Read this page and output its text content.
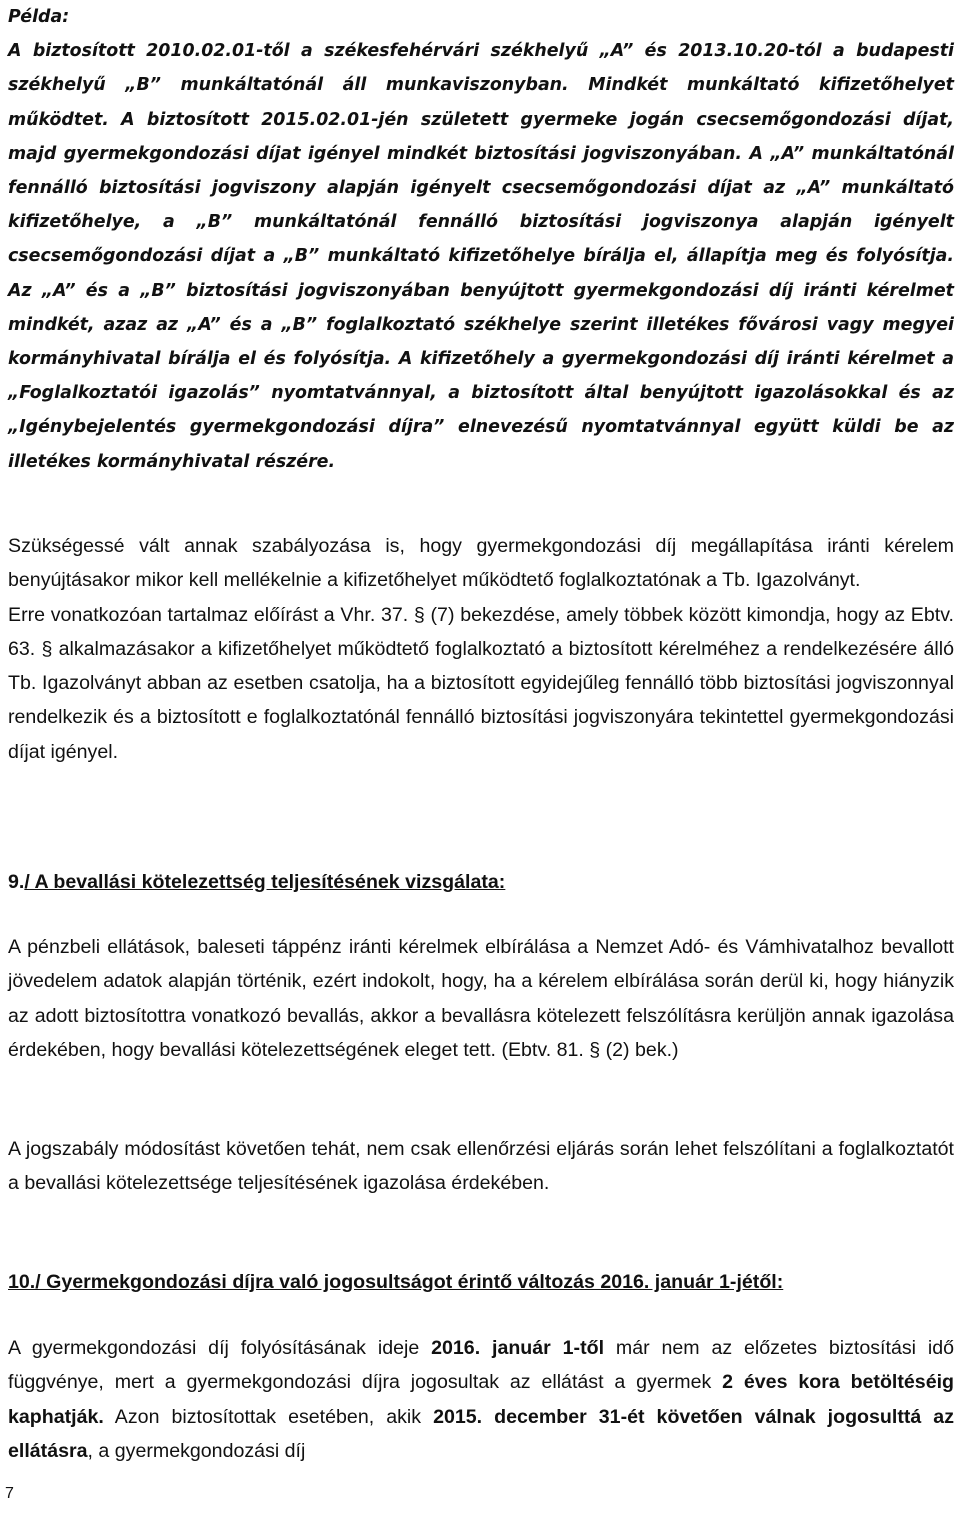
Példa:
A biztosított 2010.02.01-től a székesfehérvári székhelyű „A” és 2013.10.20-tól a budapesti székhelyű „B” munkáltatónál áll munkaviszonyban. Mindkét munkáltató kifizetőhelyet működtet. A biztosított 2015.02.01-jén született gyermeke jogán csecsemőgondozási díjat, majd gyermekgondozási díjat igényel mindkét biztosítási jogviszonyában. A „A” munkáltatónál fennálló biztosítási jogviszony alapján igényelt csecsemőgondozási díjat az „A” munkáltató kifizetőhelye, a „B” munkáltatónál fennálló biztosítási jogviszonya alapján igényelt csecsemőgondozási díjat a „B” munkáltató kifizetőhelye bírálja el, állapítja meg és folyósítja. Az „A” és a „B” biztosítási jogviszonyában benyújtott gyermekgondozási díj iránti kérelmet mindkét, azaz az „A” és a „B” foglalkoztató székhelye szerint illetékes fővárosi vagy megyei kormányhivatal bírálja el és folyósítja. A kifizetőhely a gyermekgondozási díj iránti kérelmet a „Foglalkoztatói igazolás” nyomtatvánnyal, a biztosított által benyújtott igazolásokkal és az „Igénybejelentés gyermekgondozási díjra” elnevezésű nyomtatvánnyal együtt küldi be az illetékes kormányhivatal részére.

Szükségessé vált annak szabályozása is, hogy gyermekgondozási díj megállapítása iránti kérelem benyújtásakor mikor kell mellékelnie a kifizetőhelyet működtető foglalkoztatónak a Tb. Igazolványt.

Erre vonatkozóan tartalmaz előírást a Vhr. 37. § (7) bekezdése, amely többek között kimondja, hogy az Ebtv. 63. § alkalmazásakor a kifizetőhelyet működtető foglalkoztató a biztosított kérelméhez a rendelkezésére álló Tb. Igazolványt abban az esetben csatolja, ha a biztosított egyidejűleg fennálló több biztosítási jogviszonnyal rendelkezik és a biztosított e foglalkoztatónál fennálló biztosítási jogviszonyára tekintettel gyermekgondozási díjat igényel.

9./ A bevallási kötelezettség teljesítésének vizsgálata:

A pénzbeli ellátások, baleseti táppénz iránti kérelmek elbírálása a Nemzet Adó- és Vámhivatalhoz bevallott jövedelem adatok alapján történik, ezért indokolt, hogy, ha a kérelem elbírálása során derül ki, hogy hiányzik az adott biztosítottra vonatkozó bevallás, akkor a bevallásra kötelezett felszólításra kerüljön annak igazolása érdekében, hogy bevallási kötelezettségének eleget tett. (Ebtv. 81. § (2) bek.)

A jogszabály módosítást követően tehát, nem csak ellenőrzési eljárás során lehet felszólítani a foglalkoztatót a bevallási kötelezettsége teljesítésének igazolása érdekében.

10./ Gyermekgondozási díjra való jogosultságot érintő változás 2016. január 1-jétől:

A gyermekgondozási díj folyósításának ideje 2016. január 1-től már nem az előzetes biztosítási idő függvénye, mert a gyermekgondozási díjra jogosultak az ellátást a gyermek 2 éves kora betöltéséig kaphatják. Azon biztosítottak esetében, akik 2015. december 31-ét követően válnak jogosulttá az ellátásra, a gyermekgondozási díj

7
